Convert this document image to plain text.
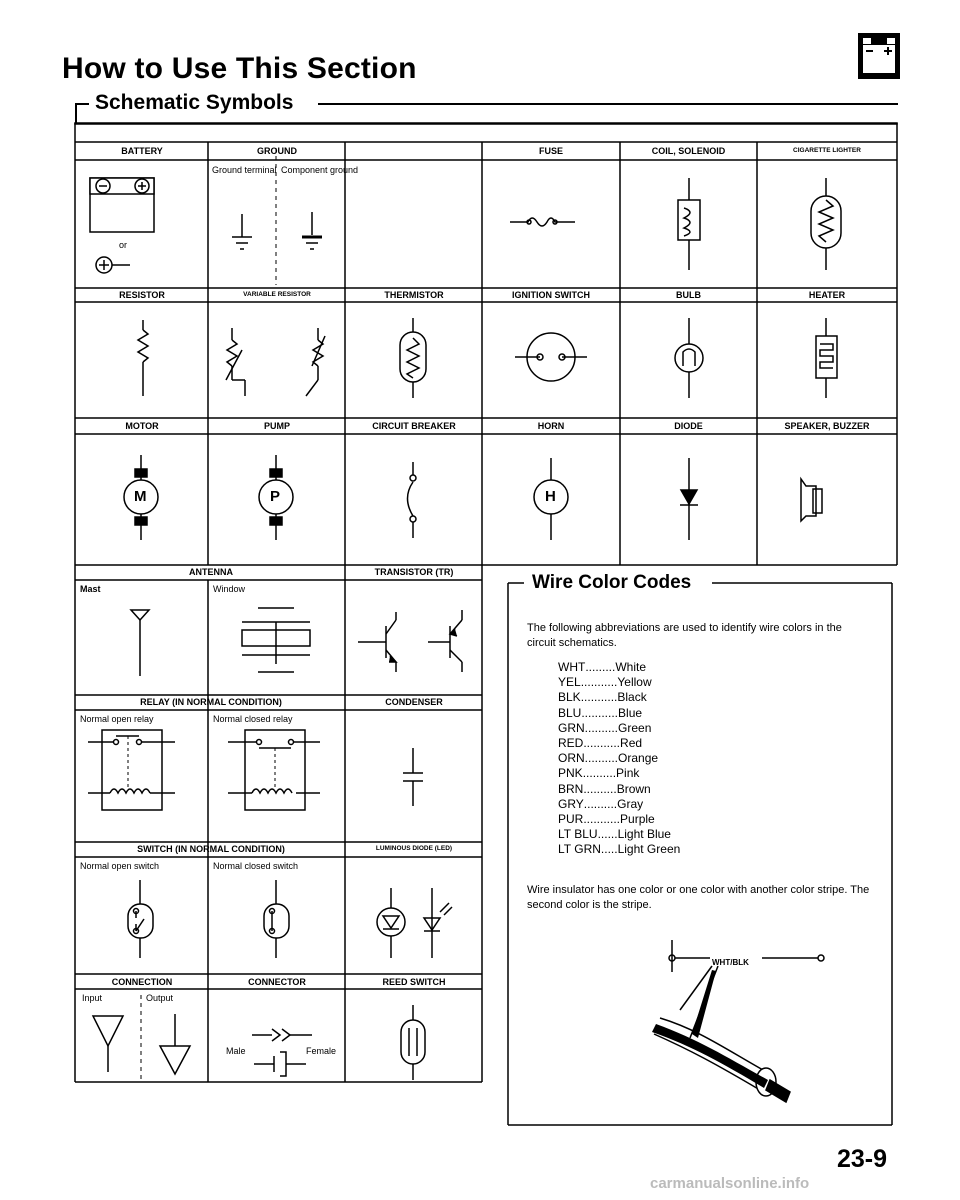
How to Use This Section
Schematic Symbols
M	P	H
BATTERY	GROUND	FUSE	COIL, SOLENOID	CIGARETTE LIGHTER
or
Ground terminal Component ground
RESISTOR	VARIABLE RESISTOR	THERMISTOR	IGNITION SWITCH	BULB	HEATER
MOTOR	PUMP	CIRCUIT BREAKER	HORN	DIODE	SPEAKER, BUZZER
ANTENNA	TRANSISTOR (TR)
Mast	Window
RELAY (IN NORMAL CONDITION)	CONDENSER
Normal open relay	Normal closed relay
SWITCH (IN NORMAL CONDITION)	LUMINOUS DIODE (LED)
Normal open switch	Normal closed switch
CONNECTION	CONNECTOR	REED SWITCH
Input	Output
Male	Female
Wire Color Codes
The following abbreviations are used to identify wire colors in the circuit schematics.
WHT ......... White
YEL ........... Yellow
BLK ........... Black
BLU ........... Blue
GRN .......... Green
RED ........... Red
ORN .......... Orange
PNK .......... Pink
BRN .......... Brown
GRY .......... Gray
PUR ........... Purple
LT BLU ...... Light Blue
LT GRN ..... Light Green
Wire insulator has one color or one color with another color stripe. The second color is the stripe.
WHT/BLK
23-9
carmanualsonline.info
